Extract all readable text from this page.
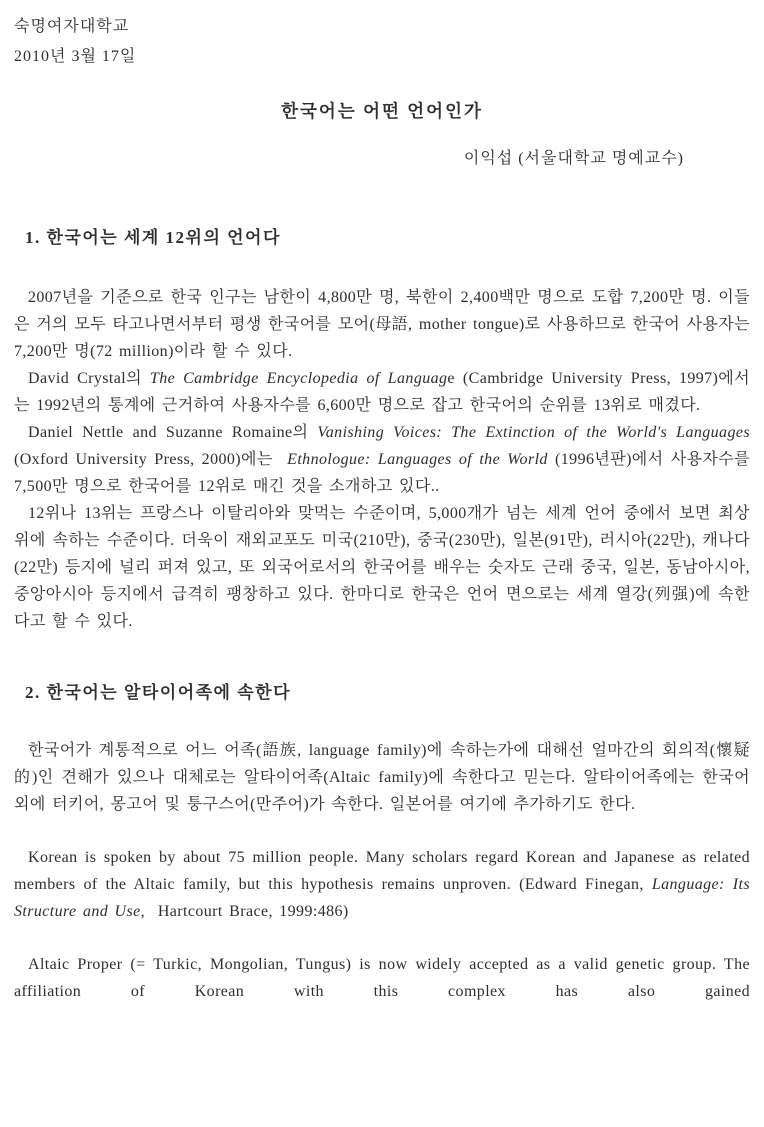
숙명여자대학교
2010년 3월 17일
한국어는 어떤 언어인가
이익섭 (서울대학교 명예교수)
1. 한국어는 세계 12위의 언어다

2007년을 기준으로 한국 인구는 남한이 4,800만 명, 북한이 2,400백만 명으로 도합 7,200만 명. 이들은 거의 모두 타고나면서부터 평생 한국어를 모어(母語, mother tongue)로 사용하므로 한국어 사용자는 7,200만 명(72 million)이라 할 수 있다.

David Crystal의 The Cambridge Encyclopedia of Language (Cambridge University Press, 1997)에서는 1992년의 통계에 근거하여 사용자수를 6,600만 명으로 잡고 한국어의 순위를 13위로 매겼다.

Daniel Nettle and Suzanne Romaine의 Vanishing Voices: The Extinction of the World's Languages (Oxford University Press, 2000)에는  Ethnologue: Languages of the World (1996년판)에서 사용자수를 7,500만 명으로 한국어를 12위로 매긴 것을 소개하고 있다..

12위나 13위는 프랑스나 이탈리아와 맞먹는 수준이며, 5,000개가 넘는 세계 언어 중에서 보면 최상위에 속하는 수준이다. 더욱이 재외교포도 미국(210만), 중국(230만), 일본(91만), 러시아(22만), 캐나다(22만) 등지에 널리 퍼져 있고, 또 외국어로서의 한국어를 배우는 숫자도 근래 중국, 일본, 동남아시아, 중앙아시아 등지에서 급격히 팽창하고 있다. 한마디로 한국은 언어 면으로는 세계 열강(列强)에 속한다고 할 수 있다.

2. 한국어는 알타이어족에 속한다

한국어가 계통적으로 어느 어족(語族, language family)에 속하는가에 대해선 얼마간의 회의적(懷疑的)인 견해가 있으나 대체로는 알타이어족(Altaic family)에 속한다고 믿는다. 알타이어족에는 한국어 외에 터키어, 몽고어 및 퉁구스어(만주어)가 속한다. 일본어를 여기에 추가하기도 한다.

Korean is spoken by about 75 million people. Many scholars regard Korean and Japanese as related members of the Altaic family, but this hypothesis remains unproven. (Edward Finegan, Language: Its Structure and Use,  Hartcourt Brace, 1999:486)

Altaic Proper (= Turkic, Mongolian, Tungus) is now widely accepted as a valid genetic group. The affiliation of Korean with this complex has also gained
